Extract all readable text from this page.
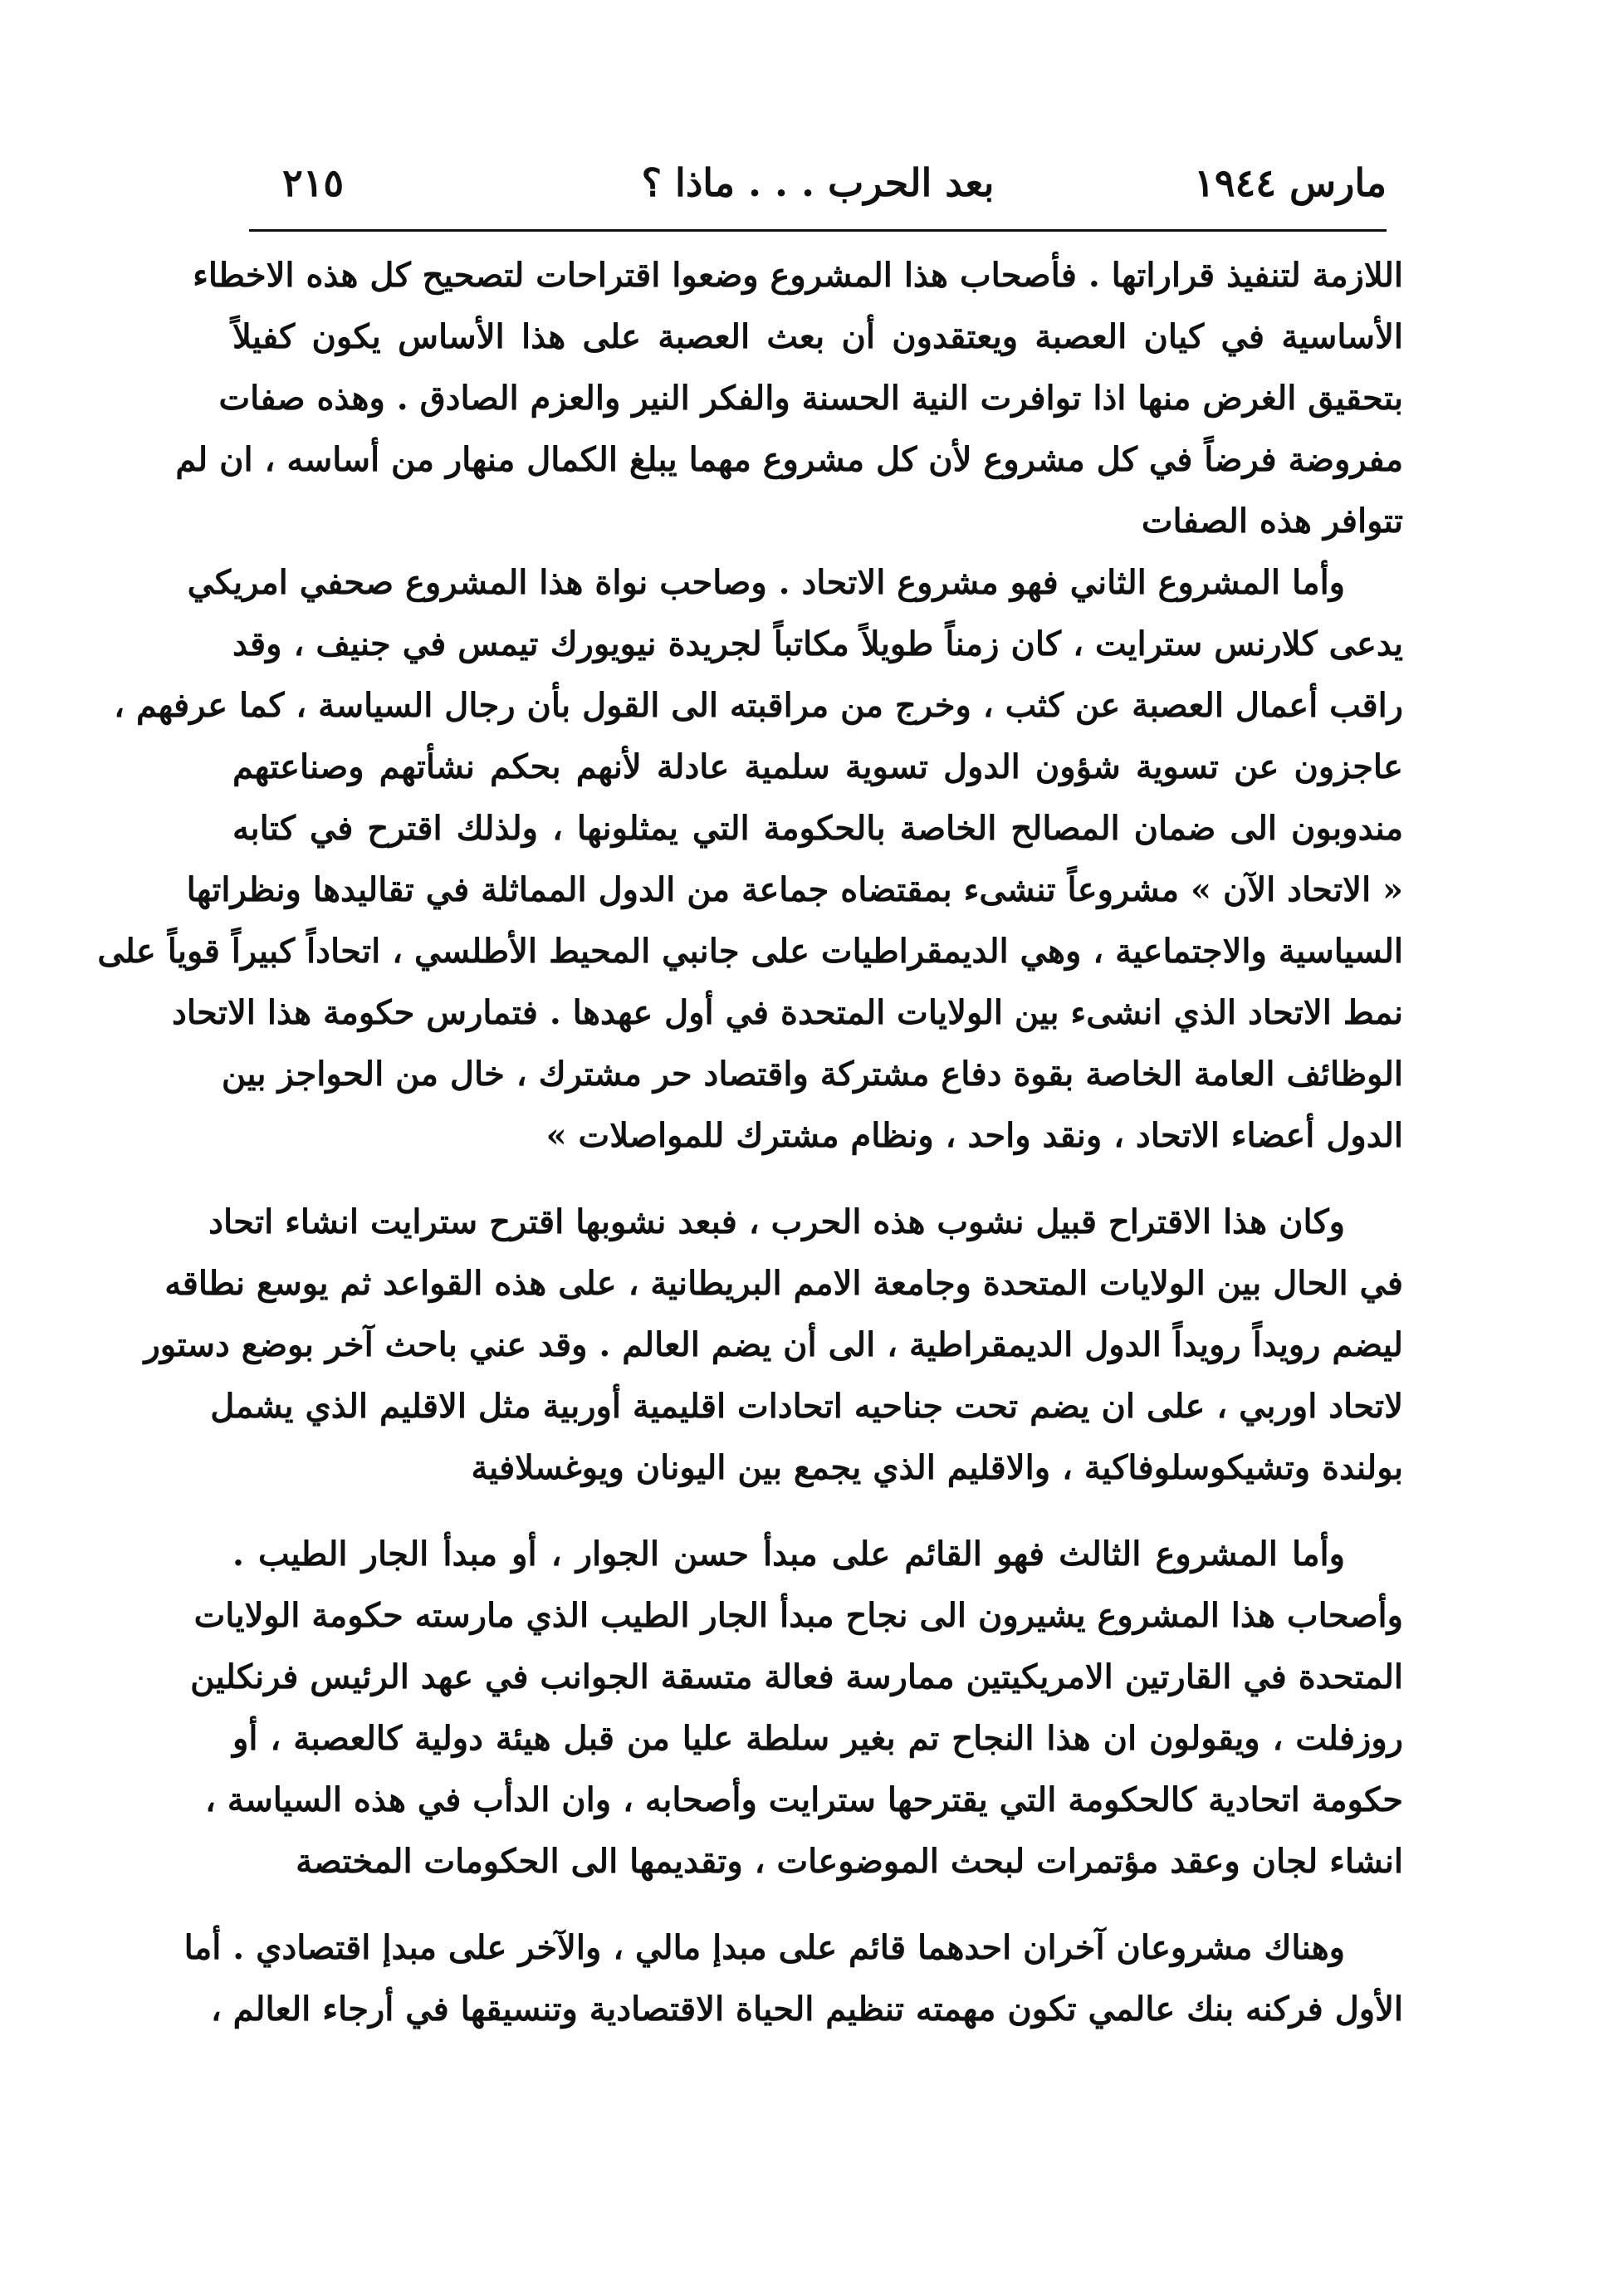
مارس ١٩٤٤
بعد الحرب . . . ماذا ؟
٢١٥
اللازمة لتنفيذ قراراتها . فأصحاب هذا المشروع وضعوا اقتراحات لتصحيح كل هذه الاخطاء
الأساسية في كيان العصبة ويعتقدون أن بعث العصبة على هذا الأساس يكون كفيلاً
بتحقيق الغرض منها اذا توافرت النية الحسنة والفكر النير والعزم الصادق . وهذه صفات
مفروضة فرضاً في كل مشروع لأن كل مشروع مهما يبلغ الكمال منهار من أساسه ، ان لم
تتوافر هذه الصفات
وأما المشروع الثاني فهو مشروع الاتحاد . وصاحب نواة هذا المشروع صحفي امريكي
يدعى كلارنس سترايت ، كان زمناً طويلاً مكاتباً لجريدة نيويورك تيمس في جنيف ، وقد
راقب أعمال العصبة عن كثب ، وخرج من مراقبته الى القول بأن رجال السياسة ، كما عرفهم ،
عاجزون عن تسوية شؤون الدول تسوية سلمية عادلة لأنهم بحكم نشأتهم وصناعتهم
مندوبون الى ضمان المصالح الخاصة بالحكومة التي يمثلونها ، ولذلك اقترح في كتابه
« الاتحاد الآن » مشروعاً تنشىء بمقتضاه جماعة من الدول المماثلة في تقاليدها ونظراتها
السياسية والاجتماعية ، وهي الديمقراطيات على جانبي المحيط الأطلسي ، اتحاداً كبيراً قوياً على
نمط الاتحاد الذي انشىء بين الولايات المتحدة في أول عهدها . فتمارس حكومة هذا الاتحاد
الوظائف العامة الخاصة بقوة دفاع مشتركة واقتصاد حر مشترك ، خال من الحواجز بين
الدول أعضاء الاتحاد ، ونقد واحد ، ونظام مشترك للمواصلات »
وكان هذا الاقتراح قبيل نشوب هذه الحرب ، فبعد نشوبها اقترح سترايت انشاء اتحاد
في الحال بين الولايات المتحدة وجامعة الامم البريطانية ، على هذه القواعد ثم يوسع نطاقه
ليضم رويداً رويداً الدول الديمقراطية ، الى أن يضم العالم . وقد عني باحث آخر بوضع دستور
لاتحاد اوربي ، على ان يضم تحت جناحيه اتحادات اقليمية أوربية مثل الاقليم الذي يشمل
بولندة وتشيكوسلوفاكية ، والاقليم الذي يجمع بين اليونان ويوغسلافية
وأما المشروع الثالث فهو القائم على مبدأ حسن الجوار ، أو مبدأ الجار الطيب .
وأصحاب هذا المشروع يشيرون الى نجاح مبدأ الجار الطيب الذي مارسته حكومة الولايات
المتحدة في القارتين الامريكيتين ممارسة فعالة متسقة الجوانب في عهد الرئيس فرنكلين
روزفلت ، ويقولون ان هذا النجاح تم بغير سلطة عليا من قبل هيئة دولية كالعصبة ، أو
حكومة اتحادية كالحكومة التي يقترحها سترايت وأصحابه ، وان الدأب في هذه السياسة ،
انشاء لجان وعقد مؤتمرات لبحث الموضوعات ، وتقديمها الى الحكومات المختصة
وهناك مشروعان آخران احدهما قائم على مبدإ مالي ، والآخر على مبدإ اقتصادي . أما
الأول فركنه بنك عالمي تكون مهمته تنظيم الحياة الاقتصادية وتنسيقها في أرجاء العالم ،
